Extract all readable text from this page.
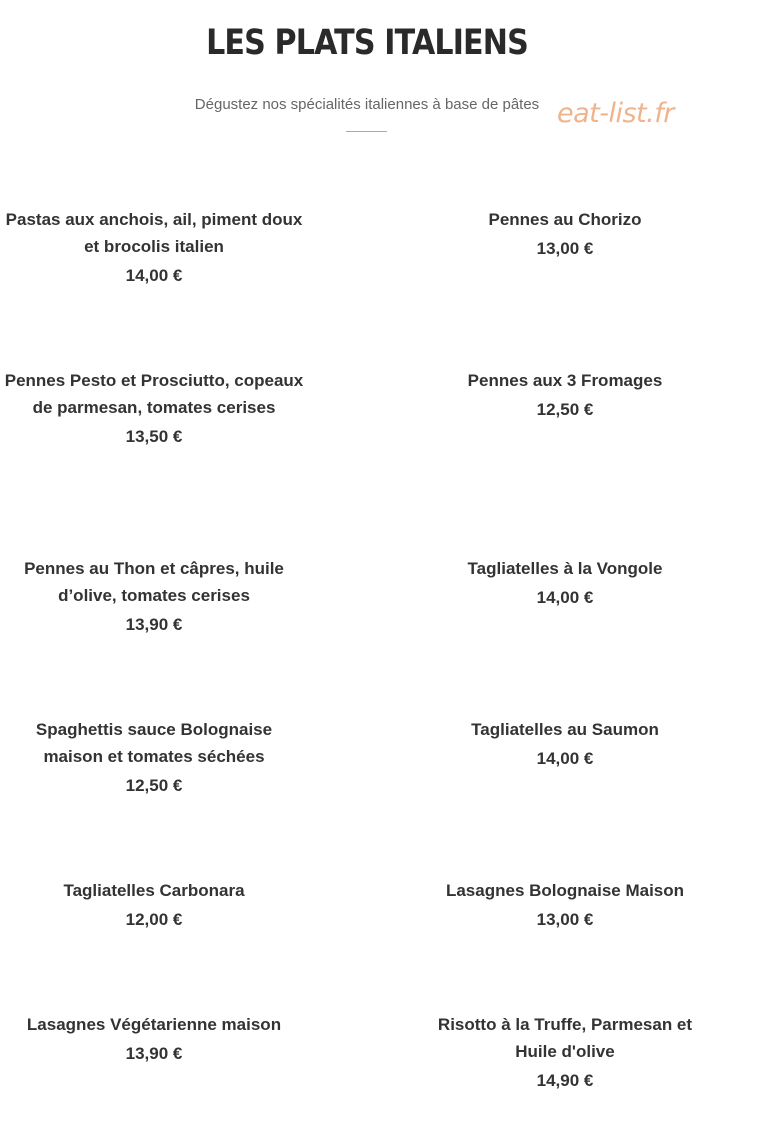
LES PLATS ITALIENS

Dégustez nos spécialités italiennes à base de pâtes eat-list.fr

Pastas aux anchois, ail, piment doux et brocolis italien

14,00 €

Pennes au Chorizo

13,00 €

Pennes Pesto et Prosciutto, copeaux de parmesan, tomates cerises

13,50 €

Pennes aux 3 Fromages

12,50 €

Pennes au Thon et câpres, huile d’olive, tomates cerises

13,90 €

Tagliatelles à la Vongole

14,00 €

Spaghettis sauce Bolognaise maison et tomates séchées

12,50 €

Tagliatelles au Saumon

14,00 €

Tagliatelles Carbonara

12,00 €

Lasagnes Bolognaise Maison

13,00 €

Lasagnes Végétarienne maison

13,90 €

Risotto à la Truffe, Parmesan et Huile d'olive

14,90 €
